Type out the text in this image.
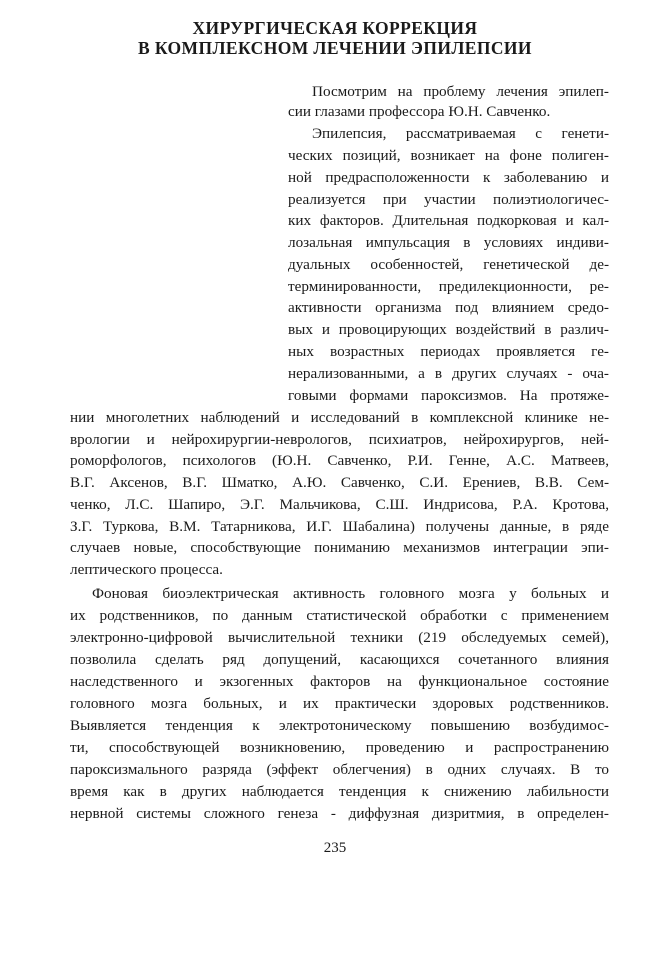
ХИРУРГИЧЕСКАЯ КОРРЕКЦИЯ
В КОМПЛЕКСНОМ ЛЕЧЕНИИ ЭПИЛЕПСИИ
Посмотрим на проблему лечения эпилеп-
сии глазами профессора Ю.Н. Савченко.
Эпилепсия, рассматриваемая с генети-
ческих позиций, возникает на фоне полиген-
ной предрасположенности к заболеванию и
реализуется при участии полиэтиологичес-
ких факторов. Длительная подкорковая и кал-
лозальная импульсация в условиях индиви-
дуальных особенностей, генетической де-
терминированности, предилекционности, ре-
активности организма под влиянием средо-
вых и провоцирующих воздействий в различ-
ных возрастных периодах проявляется ге-
нерализованными, а в других случаях - оча-
говыми формами пароксизмов. На протяже-
нии многолетних наблюдений и исследований в комплексной клинике не-
врологии и нейрохирургии-неврологов, психиатров, нейрохирургов, ней-
роморфологов, психологов (Ю.Н. Савченко, Р.И. Генне, А.С. Матвеев,
В.Г. Аксенов, В.Г. Шматко, А.Ю. Савченко, С.И. Ерениев, В.В. Сем-
ченко, Л.С. Шапиро, Э.Г. Мальчикова, С.Ш. Индрисова, Р.А. Кротова,
З.Г. Туркова, В.М. Татарникова, И.Г. Шабалина) получены данные, в ряде
случаев новые, способствующие пониманию механизмов интеграции эпи-
лептического процесса.
Фоновая биоэлектрическая активность головного мозга у больных и
их родственников, по данным статистической обработки с применением
электронно-цифровой вычислительной техники (219 обследуемых семей),
позволила сделать ряд допущений, касающихся сочетанного влияния
наследственного и экзогенных факторов на функциональное состояние
головного мозга больных, и их практически здоровых родственников.
Выявляется тенденция к электротоническому повышению возбудимос-
ти, способствующей возникновению, проведению и распространению
пароксизмального разряда (эффект облегчения) в одних случаях. В то
время как в других наблюдается тенденция к снижению лабильности
нервной системы сложного генеза - диффузная дизритмия, в определен-
235
